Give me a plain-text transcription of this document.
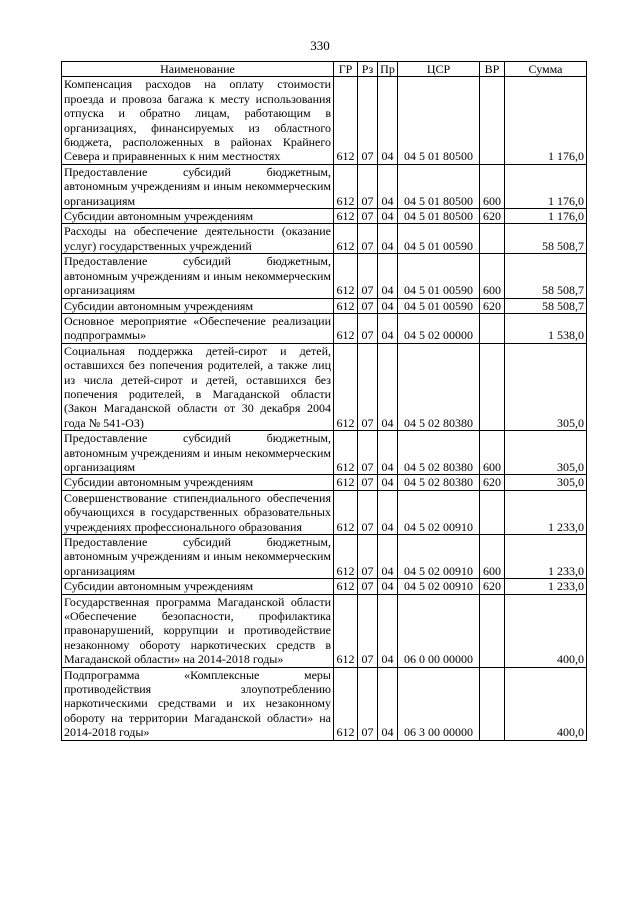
330
Наименование	ГР	Рз	Пр	ЦСР	ВР	Сумма
Компенсация расходов на оплату стоимости проезда и провоза багажа к месту использования отпуска и обратно лицам, работающим в организациях, финансируемых из областного бюджета, расположенных в районах Крайнего Севера и приравненных к ним местностях	612	07	04	04 5 01 80500		1 176,0
Предоставление субсидий бюджетным, автономным учреждениям и иным некоммерческим организациям	612	07	04	04 5 01 80500	600	1 176,0
Субсидии автономным учреждениям	612	07	04	04 5 01 80500	620	1 176,0
Расходы на обеспечение деятельности (оказание услуг) государственных учреждений	612	07	04	04 5 01 00590		58 508,7
Предоставление субсидий бюджетным, автономным учреждениям и иным некоммерческим организациям	612	07	04	04 5 01 00590	600	58 508,7
Субсидии автономным учреждениям	612	07	04	04 5 01 00590	620	58 508,7
Основное мероприятие «Обеспечение реализации подпрограммы»	612	07	04	04 5 02 00000		1 538,0
Социальная поддержка детей-сирот и детей, оставшихся без попечения родителей, а также лиц из числа детей-сирот и детей, оставшихся без попечения родителей, в Магаданской области (Закон Магаданской области от 30 декабря 2004 года № 541-ОЗ)	612	07	04	04 5 02 80380		305,0
Предоставление субсидий бюджетным, автономным учреждениям и иным некоммерческим организациям	612	07	04	04 5 02 80380	600	305,0
Субсидии автономным учреждениям	612	07	04	04 5 02 80380	620	305,0
Совершенствование стипендиального обеспечения обучающихся в государственных образовательных учреждениях профессионального образования	612	07	04	04 5 02 00910		1 233,0
Предоставление субсидий бюджетным, автономным учреждениям и иным некоммерческим организациям	612	07	04	04 5 02 00910	600	1 233,0
Субсидии автономным учреждениям	612	07	04	04 5 02 00910	620	1 233,0
Государственная программа Магаданской области «Обеспечение безопасности, профилактика правонарушений, коррупции и противодействие незаконному обороту наркотических средств в Магаданской области» на 2014-2018 годы»	612	07	04	06 0 00 00000		400,0
Подпрограмма «Комплексные меры противодействия злоупотреблению наркотическими средствами и их незаконному обороту на территории Магаданской области» на 2014-2018 годы»	612	07	04	06 3 00 00000		400,0
